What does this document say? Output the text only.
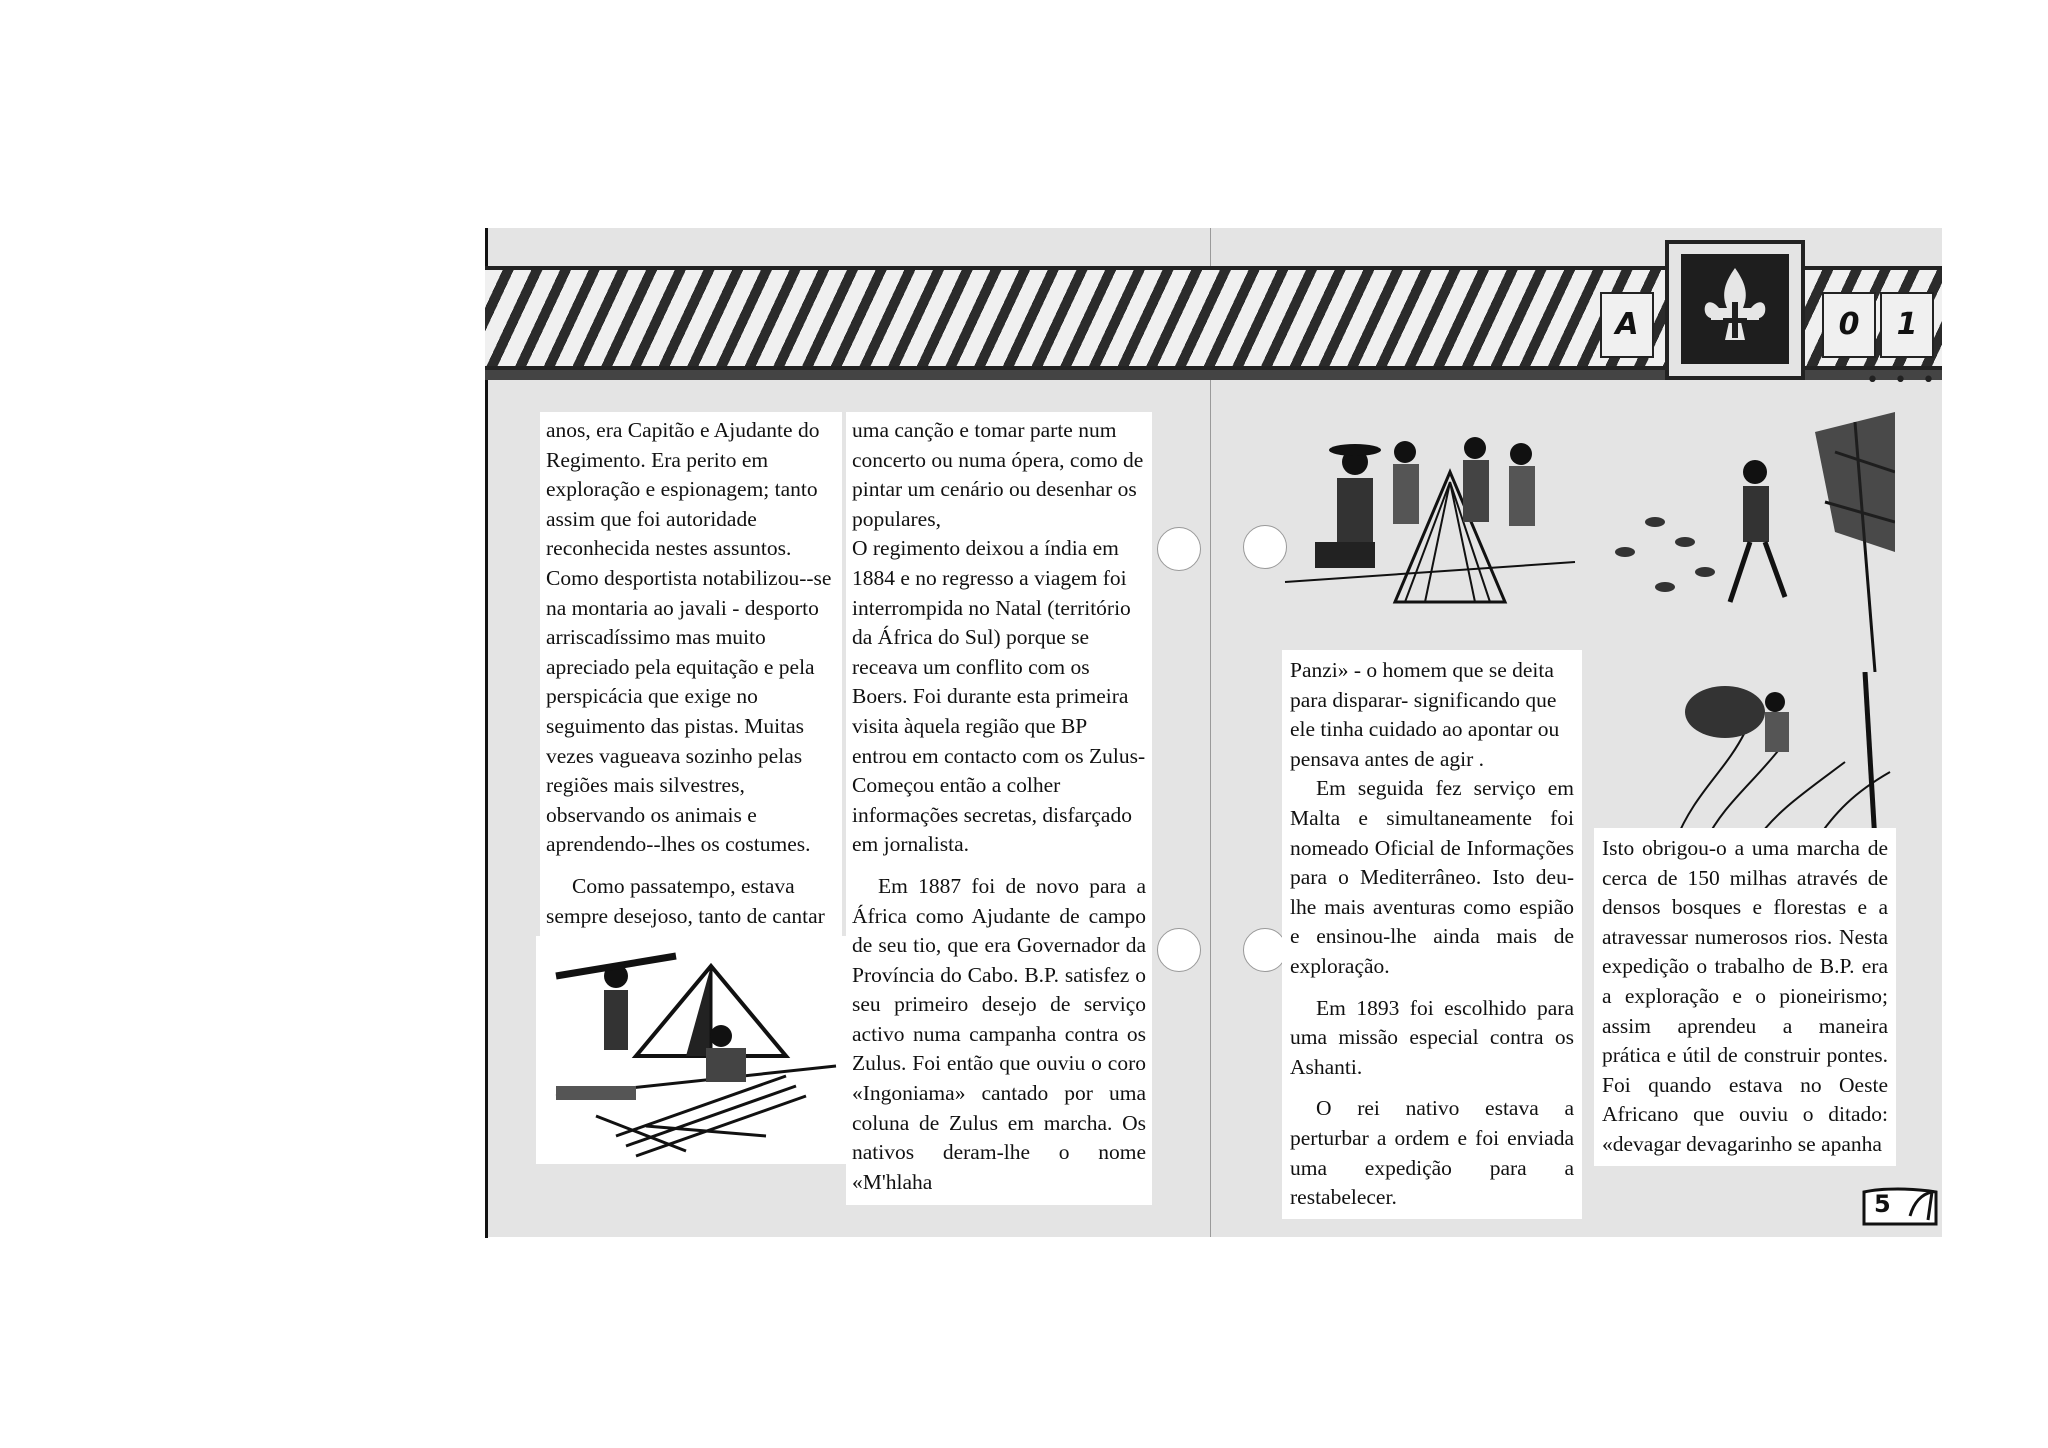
A	0	1
• • •

anos, era Capitão e Ajudante do Regimento. Era perito em exploração e espionagem; tanto assim que foi autoridade reconhecida nestes assuntos. Como desportista notabilizou--se na montaria ao javali - desporto arriscadíssimo mas muito apreciado pela equitação e pela perspicácia que exige no seguimento das pistas. Muitas vezes vagueava sozinho pelas regiões mais silvestres, observando os animais e aprendendo--lhes os costumes.

Como passatempo, estava sempre desejoso, tanto de cantar

uma canção e tomar parte num concerto ou numa ópera, como de pintar um cenário ou desenhar os populares,

O regimento deixou a índia em 1884 e no regresso a viagem foi interrompida no Natal (território da África do Sul) porque se receava um conflito com os Boers. Foi durante esta primeira visita àquela região que BP entrou em contacto com os Zulus- Começou então a colher informações secretas, disfarçado em jornalista.

Em 1887 foi de novo para a África como Ajudante de campo de seu tio, que era Governador da Província do Cabo. B.P. satisfez o seu primeiro desejo de serviço activo numa campanha contra os Zulus. Foi então que ouviu o coro «Ingoniama» cantado por uma coluna de Zulus em marcha. Os nativos deram-lhe o nome «M'hlaha

Panzi» - o homem que se deita para disparar- significando que ele tinha cuidado ao apontar ou pensava antes de agir .

Em seguida fez serviço em Malta e simultaneamente foi nomeado Oficial de Informações para o Mediterrâneo. Isto deu-lhe mais aventuras como espião e ensinou-lhe ainda mais de exploração.

Em 1893 foi escolhido para uma missão especial contra os Ashanti.

O rei nativo estava a perturbar a ordem e foi enviada uma expedição para a restabelecer.

Isto obrigou-o a uma marcha de cerca de 150 milhas através de densos bosques e florestas e a atravessar numerosos rios. Nesta expedição o trabalho de B.P. era a exploração e o pioneirismo; assim aprendeu a maneira prática e útil de construir pontes. Foi quando estava no Oeste Africano que ouviu o ditado: «devagar devagarinho se apanha

5
